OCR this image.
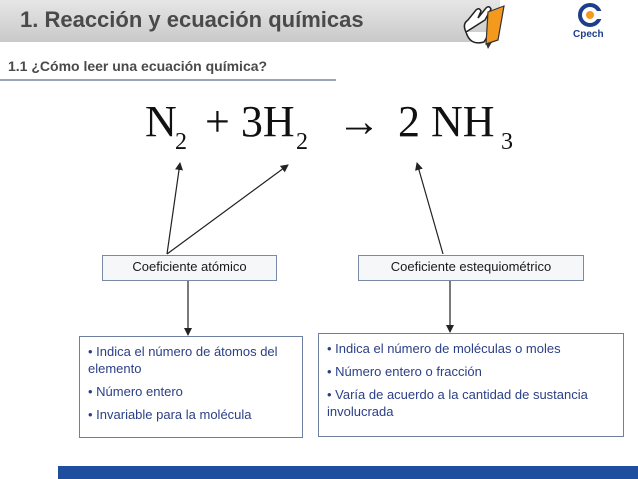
1. Reacción y ecuación químicas
Cpech
1.1 ¿Cómo leer una ecuación química?
N
2 + 3H 2 → 2 NH 3
Coeficiente atómico	Coeficiente estequiométrico

• Indica el número de átomos del elemento

• Número entero

• Invariable para la molécula

• Indica el número de moléculas o moles

• Número entero o fracción

• Varía de acuerdo a la cantidad de sustancia involucrada
